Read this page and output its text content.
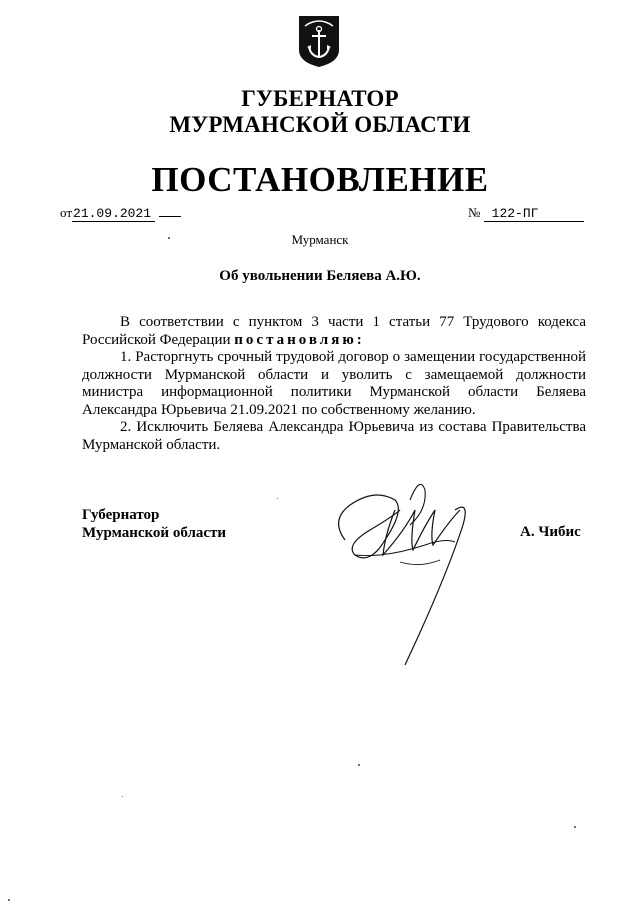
ГУБЕРНАТОР
МУРМАНСКОЙ ОБЛАСТИ
ПОСТАНОВЛЕНИЕ
от21.09.2021	№ 122-ПГ
Мурманск
Об увольнении Беляева А.Ю.

В соответствии с пунктом 3 части 1 статьи 77 Трудового кодекса Российской Федерации постановляю:

1. Расторгнуть срочный трудовой договор о замещении государственной должности Мурманской области и уволить с замещаемой должности министра информационной политики Мурманской области Беляева Александра Юрьевича 21.09.2021 по собственному желанию.

2. Исключить Беляева Александра Юрьевича из состава Правительства Мурманской области.

Губернатор
Мурманской области	А. Чибис
